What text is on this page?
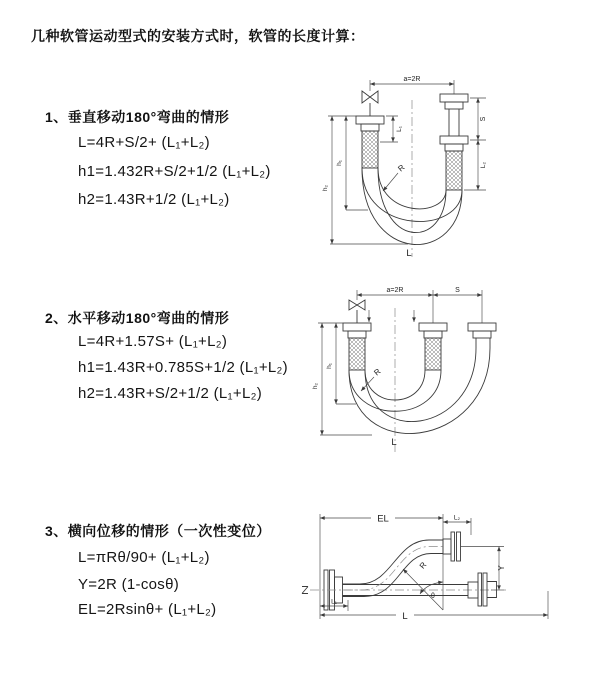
几种软管运动型式的安装方式时，软管的长度计算：
1、垂直移动180°弯曲的情形
L=4R+S/2+ (L₁+L₂)
h1=1.432R+S/2+1/2 (L₁+L₂)
h2=1.43R+1/2 (L₁+L₂)
a=2R
L₁
S
L₂
h₁
h₂
R
L
2、水平移动180°弯曲的情形
L=4R+1.57S+ (L₁+L₂)
h1=1.43R+0.785S+1/2 (L₁+L₂)
h2=1.43R+S/2+1/2 (L₁+L₂)
a=2R	S
h₁
h₂
R
L
3、横向位移的情形（一次性变位）
L=πRθ/90+ (L₁+L₂)
Y=2R (1-cosθ)
EL=2Rsinθ+ (L₁+L₂)
EL	L₂
Y
R
θ
L₁
L
